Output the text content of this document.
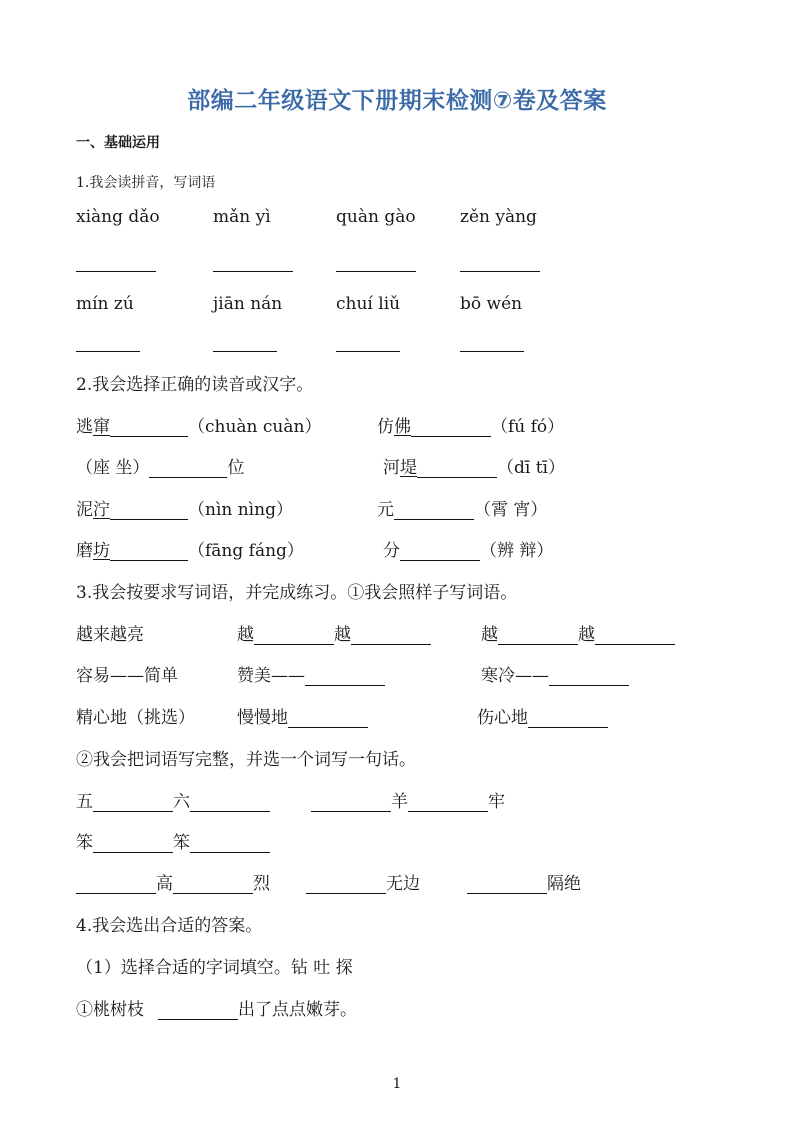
部编二年级语文下册期末检测⑦卷及答案
一、基础运用
1.我会读拼音，写词语
xiàng dǎo	mǎn yì	quàn gào	zěn yàng
mín zú	jiān nán	chuí liǔ	bō wén
2.我会选择正确的读音或汉字。
逃窜	（chuàn cuàn）	仿佛	（fú fó）
（座 坐）	位	河堤	（dī tī）
泥泞	（nìn nìng）	元	（霄 宵）
磨坊	（fāng fáng）	分	（辨 辩）
3.我会按要求写词语，并完成练习。①我会照样子写词语。
越来越亮	越	越	越	越
容易——简单	赞美——	寒冷——
精心地（挑选） 慢慢地	伤心地
②我会把词语写完整，并选一个词写一句话。
五	六	羊	牢
笨	笨
高	烈	无边	隔绝
4.我会选出合适的答案。
（1）选择合适的字词填空。钻 吐 探
①桃树枝	出了点点嫩芽。
1
